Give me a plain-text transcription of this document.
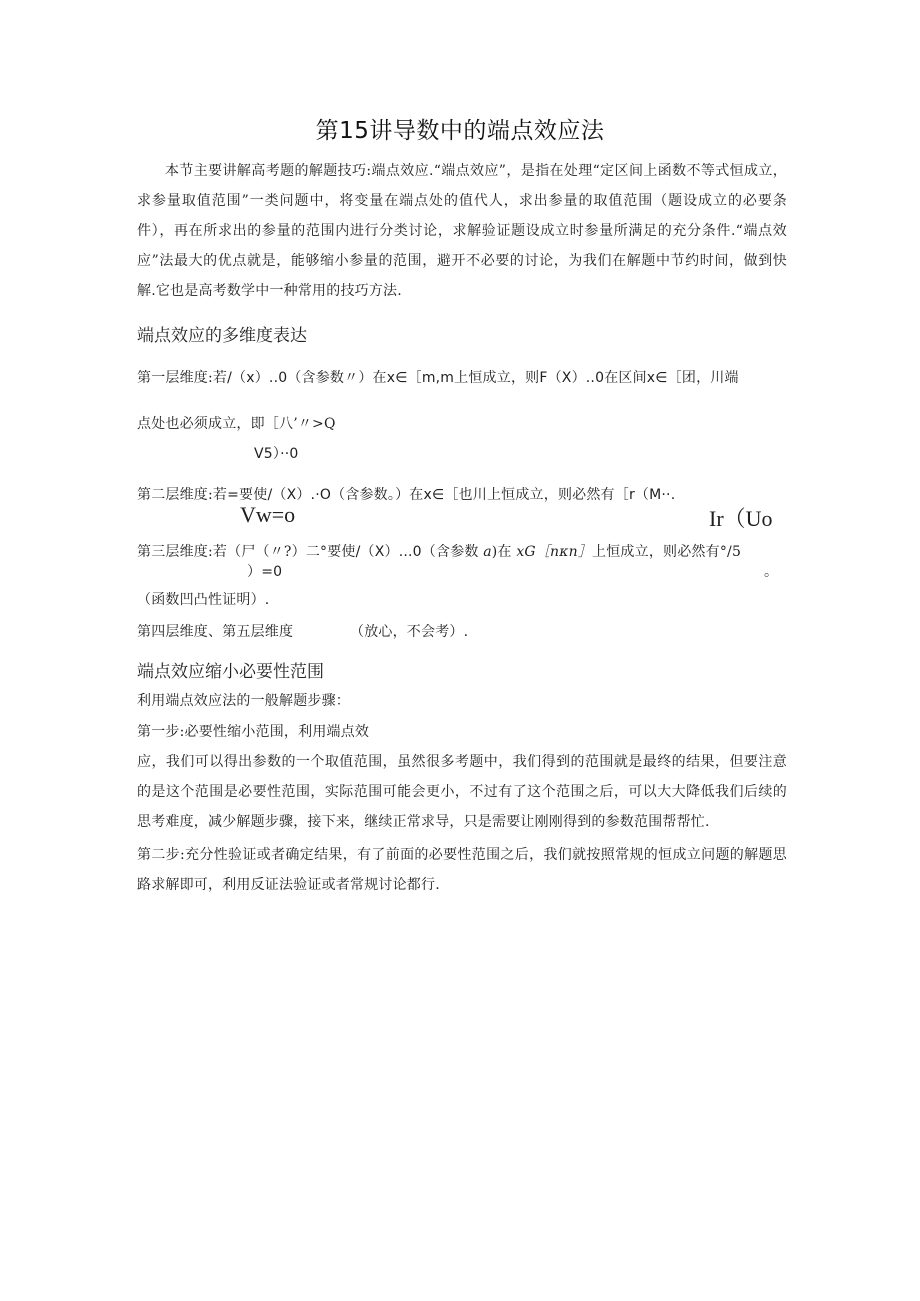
第15讲导数中的端点效应法

本节主要讲解高考题的解题技巧:端点效应.“端点效应”，是指在处理“定区间上函数不等式恒成立，求参量取值范围”一类问题中，将变量在端点处的值代人，求出参量的取值范围（题设成立的必要条件），再在所求出的参量的范围内进行分类讨论，求解验证题设成立时参量所满足的充分条件.“端点效应”法最大的优点就是，能够缩小参量的范围，避开不必要的讨论，为我们在解题中节约时间，做到快解.它也是高考数学中一种常用的技巧方法.

端点效应的多维度表达
第一层维度:若/（x）..0（含参数〃）在x∈［m,m上恒成立，则F（X）..0在区间x∈［团，川端
点处也必须成立，即［八’〃>Q
V5）··0
第二层维度:若=要使/（X）.·O（含参数。）在x∈［也川上恒成立，则必然有［r（M··.
Vw=o	Ir（Uo
第三层维度:若（尸（〃?）二°要使/（X）...0（含参数 a)在 xG［nκn］上恒成立，则必然有°/5
）=0	。
（函数凹凸性证明）.
第四层维度、第五层维度	（放心，不会考）.
端点效应缩小必要性范围
利用端点效应法的一般解题步骤：
第一步:必要性缩小范围，利用端点效

应，我们可以得出参数的一个取值范围，虽然很多考题中，我们得到的范围就是最终的结果，但要注意的是这个范围是必要性范围，实际范围可能会更小，不过有了这个范围之后，可以大大降低我们后续的思考难度，减少解题步骤，接下来，继续正常求导，只是需要让刚刚得到的参数范围帮帮忙.

第二步:充分性验证或者确定结果，有了前面的必要性范围之后，我们就按照常规的恒成立问题的解题思路求解即可，利用反证法验证或者常规讨论都行.
